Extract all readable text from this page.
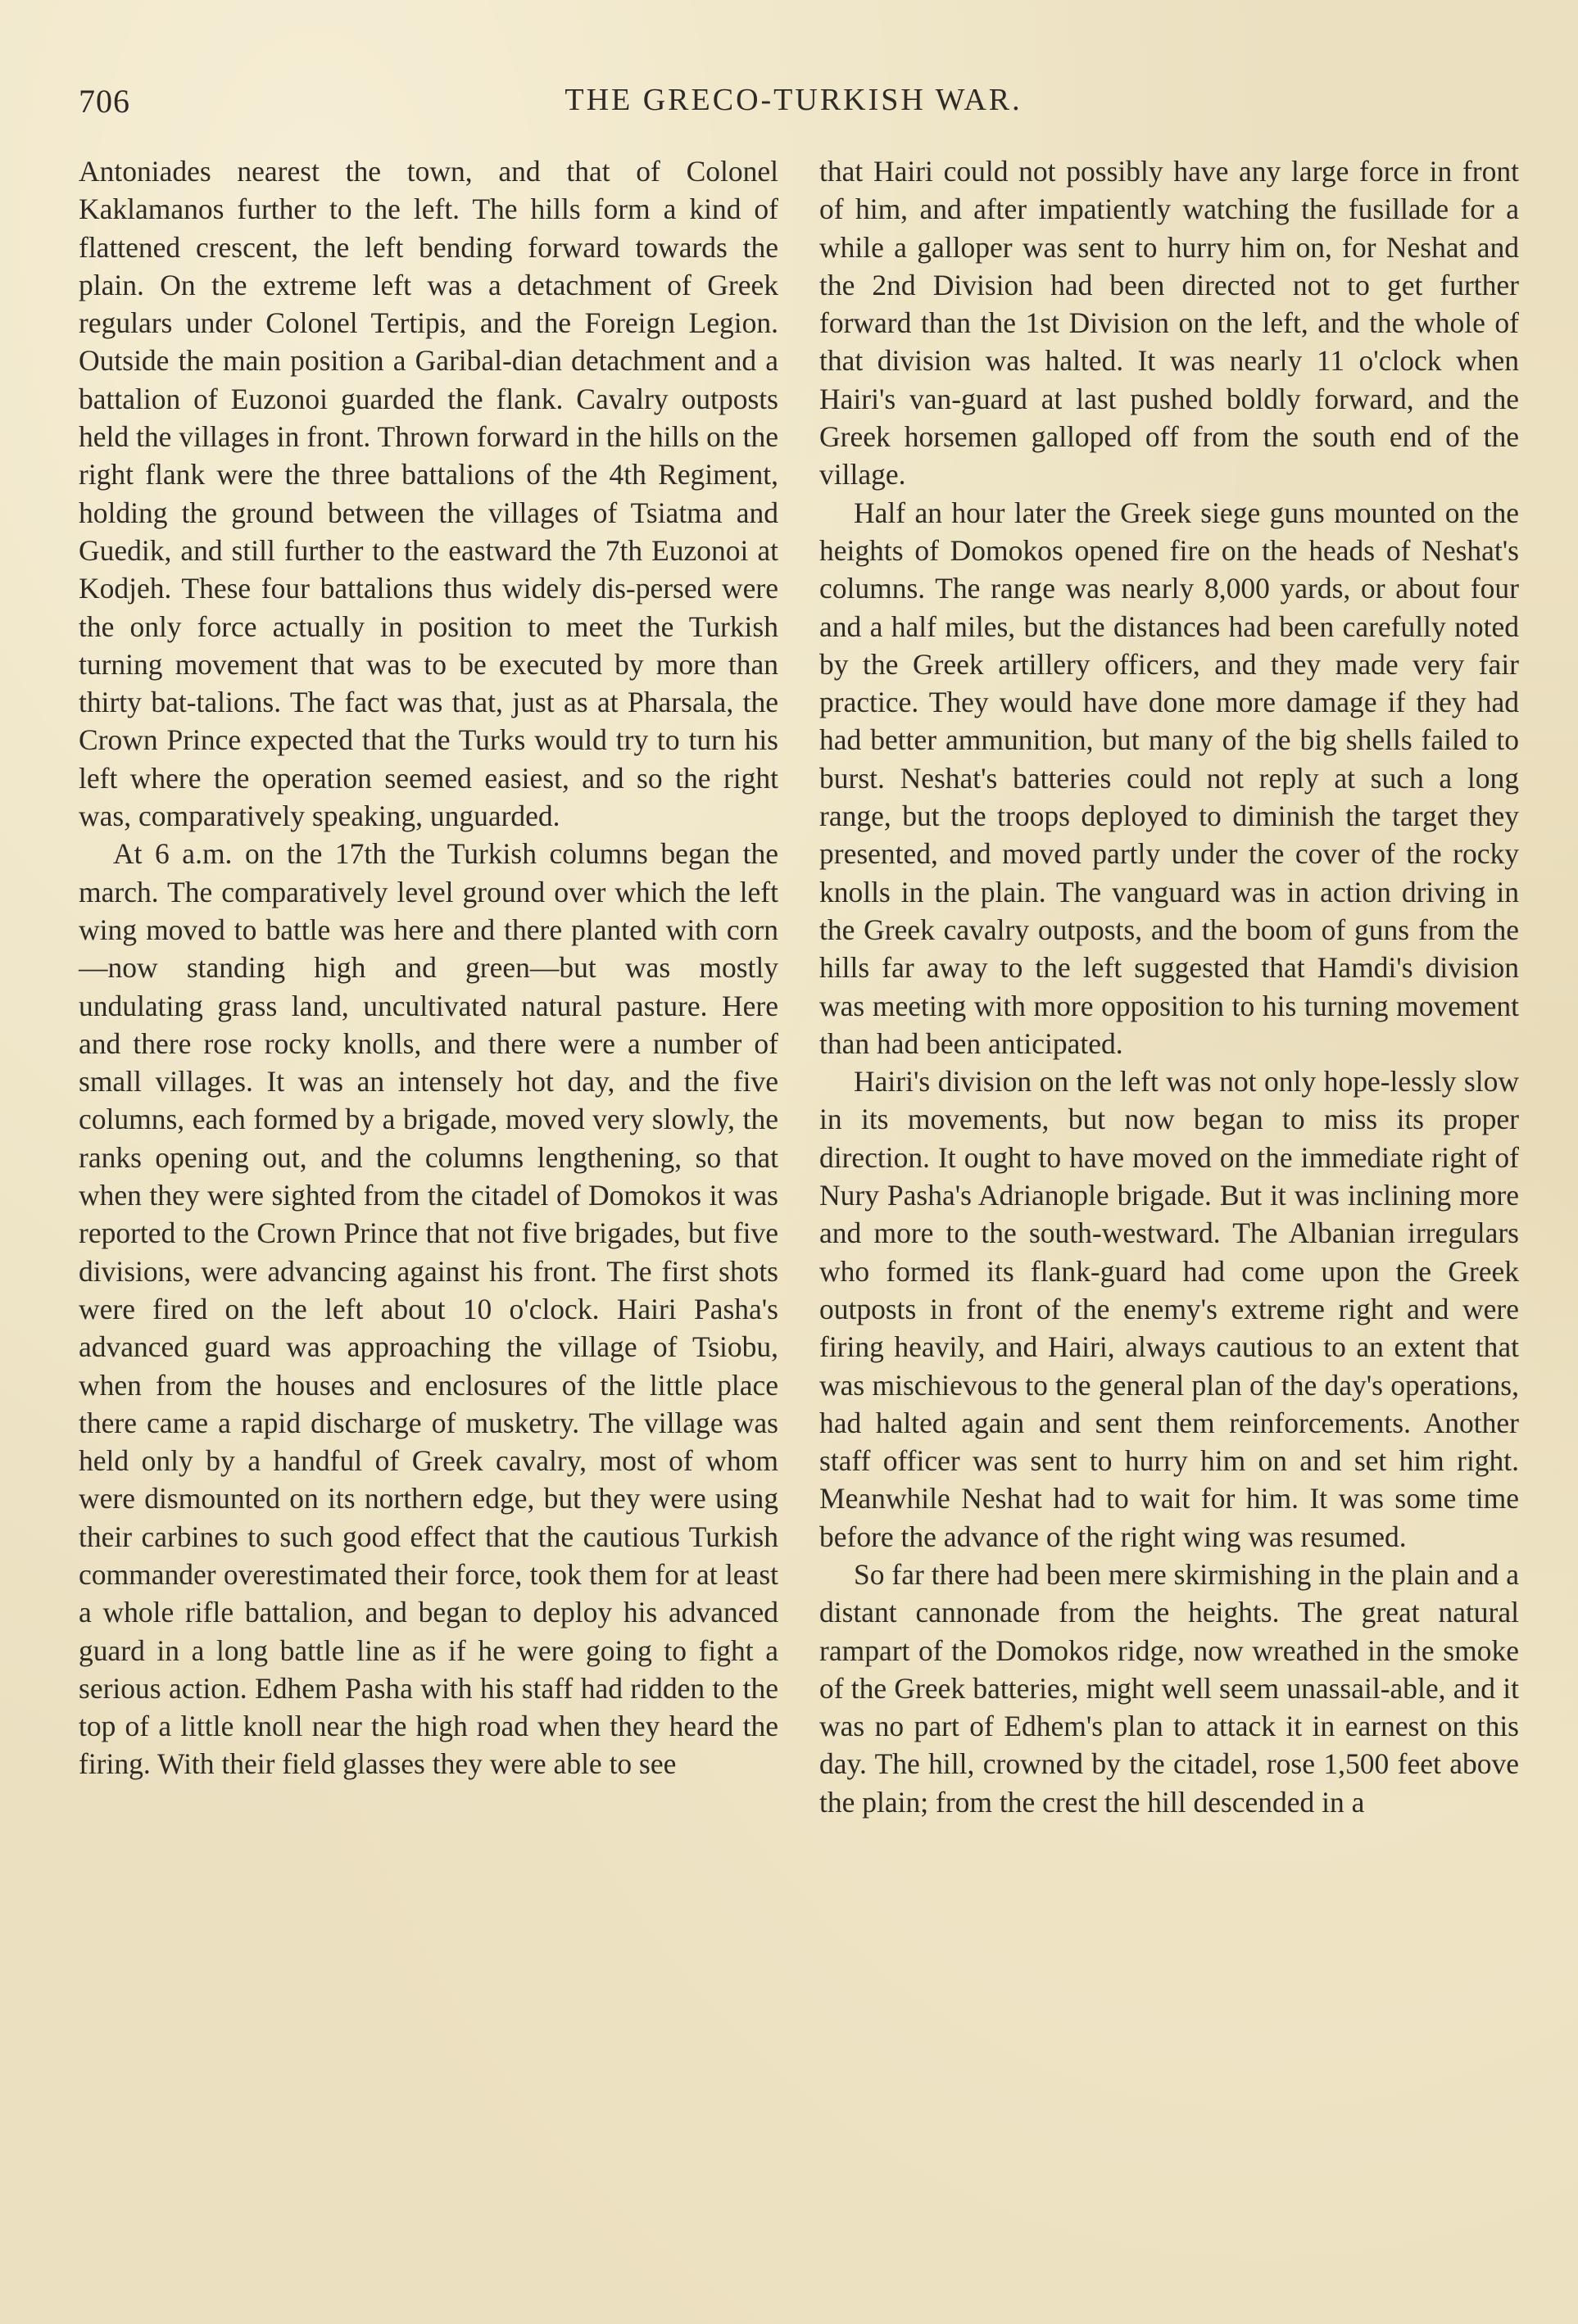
706	THE GRECO-TURKISH WAR.

Antoniades nearest the town, and that of Colonel Kaklamanos further to the left. The hills form a kind of flattened crescent, the left bending forward towards the plain. On the extreme left was a detachment of Greek regulars under Colonel Tertipis, and the Foreign Legion. Outside the main position a Garibal-dian detachment and a battalion of Euzonoi guarded the flank. Cavalry outposts held the villages in front. Thrown forward in the hills on the right flank were the three battalions of the 4th Regiment, holding the ground between the villages of Tsiatma and Guedik, and still further to the eastward the 7th Euzonoi at Kodjeh. These four battalions thus widely dis-persed were the only force actually in position to meet the Turkish turning movement that was to be executed by more than thirty bat-talions. The fact was that, just as at Pharsala, the Crown Prince expected that the Turks would try to turn his left where the operation seemed easiest, and so the right was, comparatively speaking, unguarded.

At 6 a.m. on the 17th the Turkish columns began the march. The comparatively level ground over which the left wing moved to battle was here and there planted with corn—now standing high and green—but was mostly undulating grass land, uncultivated natural pasture. Here and there rose rocky knolls, and there were a number of small villages. It was an intensely hot day, and the five columns, each formed by a brigade, moved very slowly, the ranks opening out, and the columns lengthening, so that when they were sighted from the citadel of Domokos it was reported to the Crown Prince that not five brigades, but five divisions, were advancing against his front. The first shots were fired on the left about 10 o'clock. Hairi Pasha's advanced guard was approaching the village of Tsiobu, when from the houses and enclosures of the little place there came a rapid discharge of musketry. The village was held only by a handful of Greek cavalry, most of whom were dismounted on its northern edge, but they were using their carbines to such good effect that the cautious Turkish commander overestimated their force, took them for at least a whole rifle battalion, and began to deploy his advanced guard in a long battle line as if he were going to fight a serious action. Edhem Pasha with his staff had ridden to the top of a little knoll near the high road when they heard the firing. With their field glasses they were able to see

that Hairi could not possibly have any large force in front of him, and after impatiently watching the fusillade for a while a galloper was sent to hurry him on, for Neshat and the 2nd Division had been directed not to get further forward than the 1st Division on the left, and the whole of that division was halted. It was nearly 11 o'clock when Hairi's van-guard at last pushed boldly forward, and the Greek horsemen galloped off from the south end of the village.

Half an hour later the Greek siege guns mounted on the heights of Domokos opened fire on the heads of Neshat's columns. The range was nearly 8,000 yards, or about four and a half miles, but the distances had been carefully noted by the Greek artillery officers, and they made very fair practice. They would have done more damage if they had had better ammunition, but many of the big shells failed to burst. Neshat's batteries could not reply at such a long range, but the troops deployed to diminish the target they presented, and moved partly under the cover of the rocky knolls in the plain. The vanguard was in action driving in the Greek cavalry outposts, and the boom of guns from the hills far away to the left suggested that Hamdi's division was meeting with more opposition to his turning movement than had been anticipated.

Hairi's division on the left was not only hope-lessly slow in its movements, but now began to miss its proper direction. It ought to have moved on the immediate right of Nury Pasha's Adrianople brigade. But it was inclining more and more to the south-westward. The Albanian irregulars who formed its flank-guard had come upon the Greek outposts in front of the enemy's extreme right and were firing heavily, and Hairi, always cautious to an extent that was mischievous to the general plan of the day's operations, had halted again and sent them reinforcements. Another staff officer was sent to hurry him on and set him right. Meanwhile Neshat had to wait for him. It was some time before the advance of the right wing was resumed.

So far there had been mere skirmishing in the plain and a distant cannonade from the heights. The great natural rampart of the Domokos ridge, now wreathed in the smoke of the Greek batteries, might well seem unassail-able, and it was no part of Edhem's plan to attack it in earnest on this day. The hill, crowned by the citadel, rose 1,500 feet above the plain; from the crest the hill descended in a
